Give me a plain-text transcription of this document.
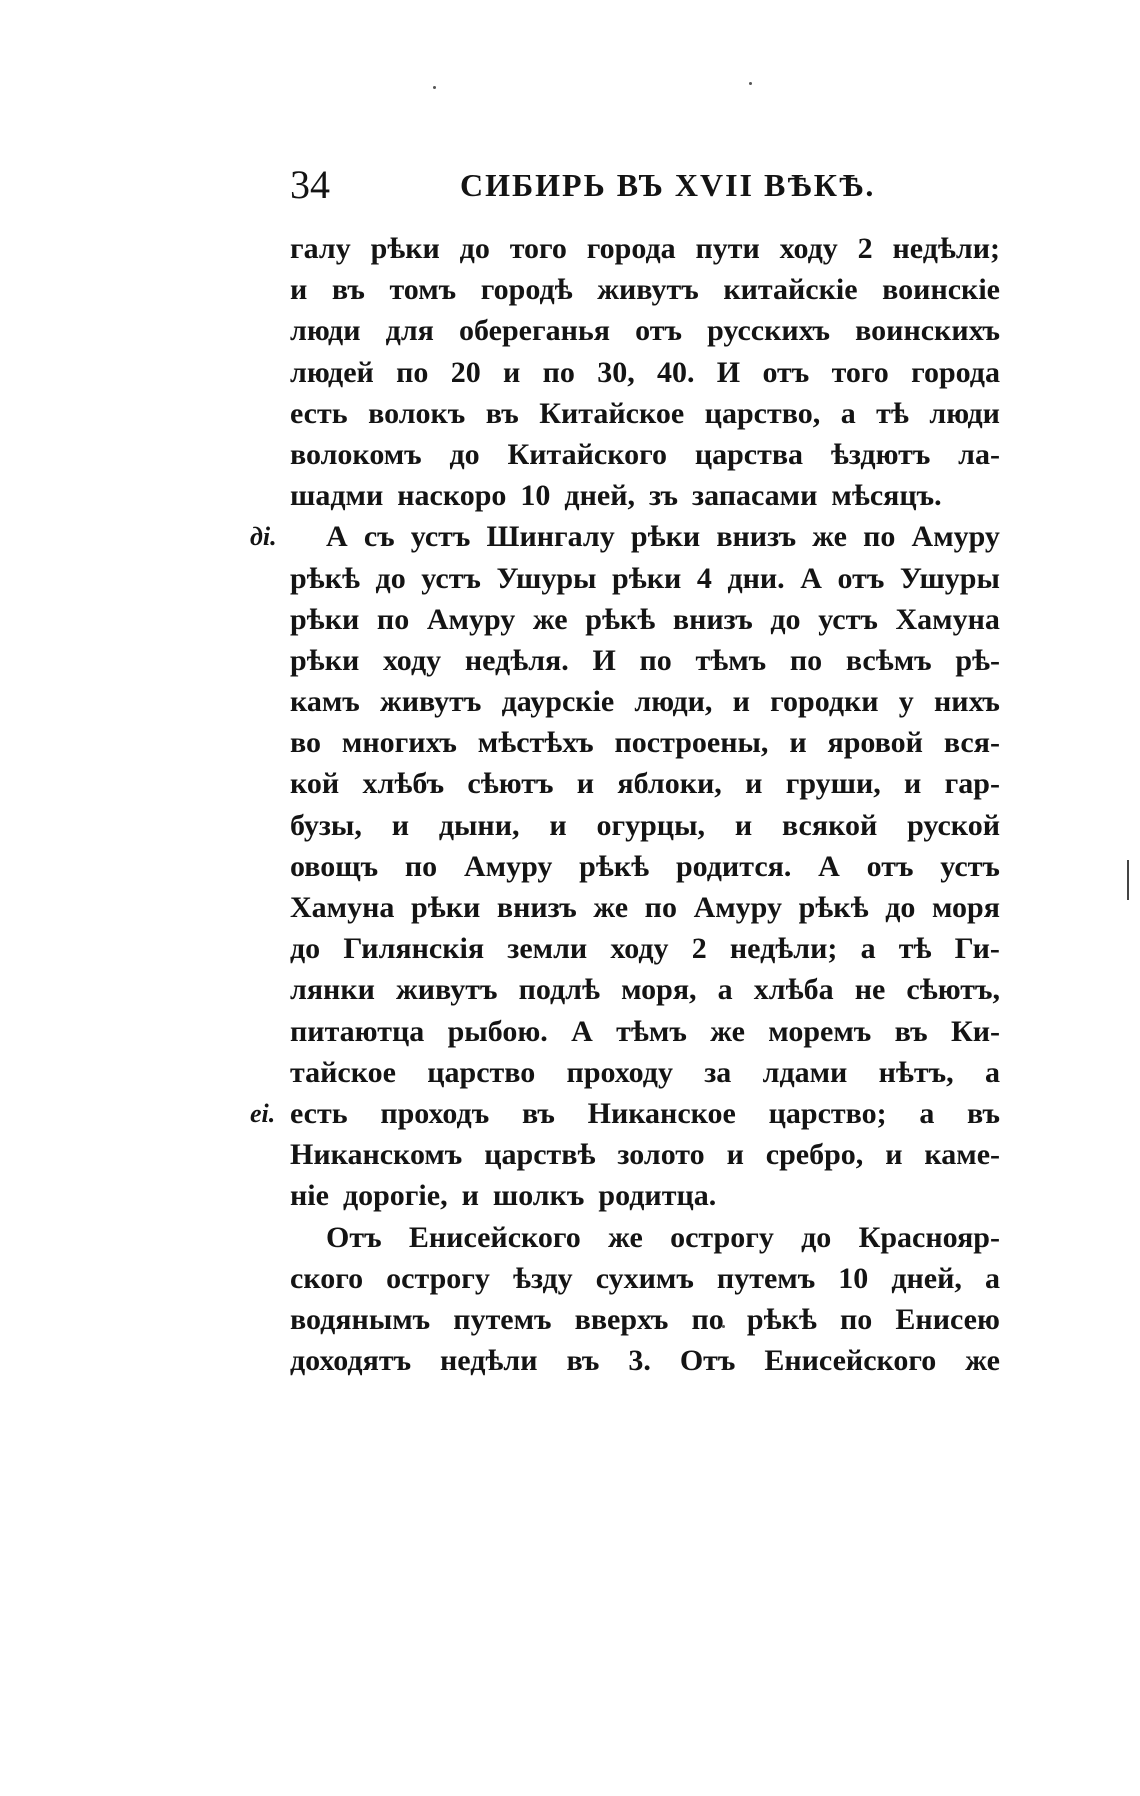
34	СИБИРЬ ВЪ XVII ВѢКѢ.
ді.
еі.
галу рѣки до того города пути ходу 2 недѣли;
и въ томъ городѣ живутъ китайскіе воинскіе
люди для обереганья отъ русскихъ воинскихъ
людей по 20 и по 30, 40. И отъ того города
есть волокъ въ Китайское царство, а тѣ люди
волокомъ до Китайского царства ѣздютъ ла-
шадми наскоро 10 дней, зъ запасами мѣсяцъ.
А съ устъ Шингалу рѣки внизъ же по Амуру
рѣкѣ до устъ Ушуры рѣки 4 дни. А отъ Ушуры
рѣки по Амуру же рѣкѣ внизъ до устъ Хамуна
рѣки ходу недѣля. И по тѣмъ по всѣмъ рѣ-
камъ живутъ даурскіе люди, и городки у нихъ
во многихъ мѣстѣхъ построены, и яровой вся-
кой хлѣбъ сѣютъ и яблоки, и груши, и гар-
бузы, и дыни, и огурцы, и всякой руской
овощъ по Амуру рѣкѣ родится. А отъ устъ
Хамуна рѣки внизъ же по Амуру рѣкѣ до моря
до Гилянскія земли ходу 2 недѣли; а тѣ Ги-
лянки живутъ подлѣ моря, а хлѣба не сѣютъ,
питаютца рыбою. А тѣмъ же моремъ въ Ки-
тайское царство проходу за лдами нѣтъ, а
есть проходъ въ Никанское царство; а въ
Никанскомъ царствѣ золото и сребро, и каме-
ніе дорогіе, и шолкъ родитца.
Отъ Енисейского же острогу до Краснояр-
ского острогу ѣзду сухимъ путемъ 10 дней, а
водянымъ путемъ вверхъ по рѣкѣ по Енисею
доходятъ недѣли въ 3. Отъ Енисейского же
